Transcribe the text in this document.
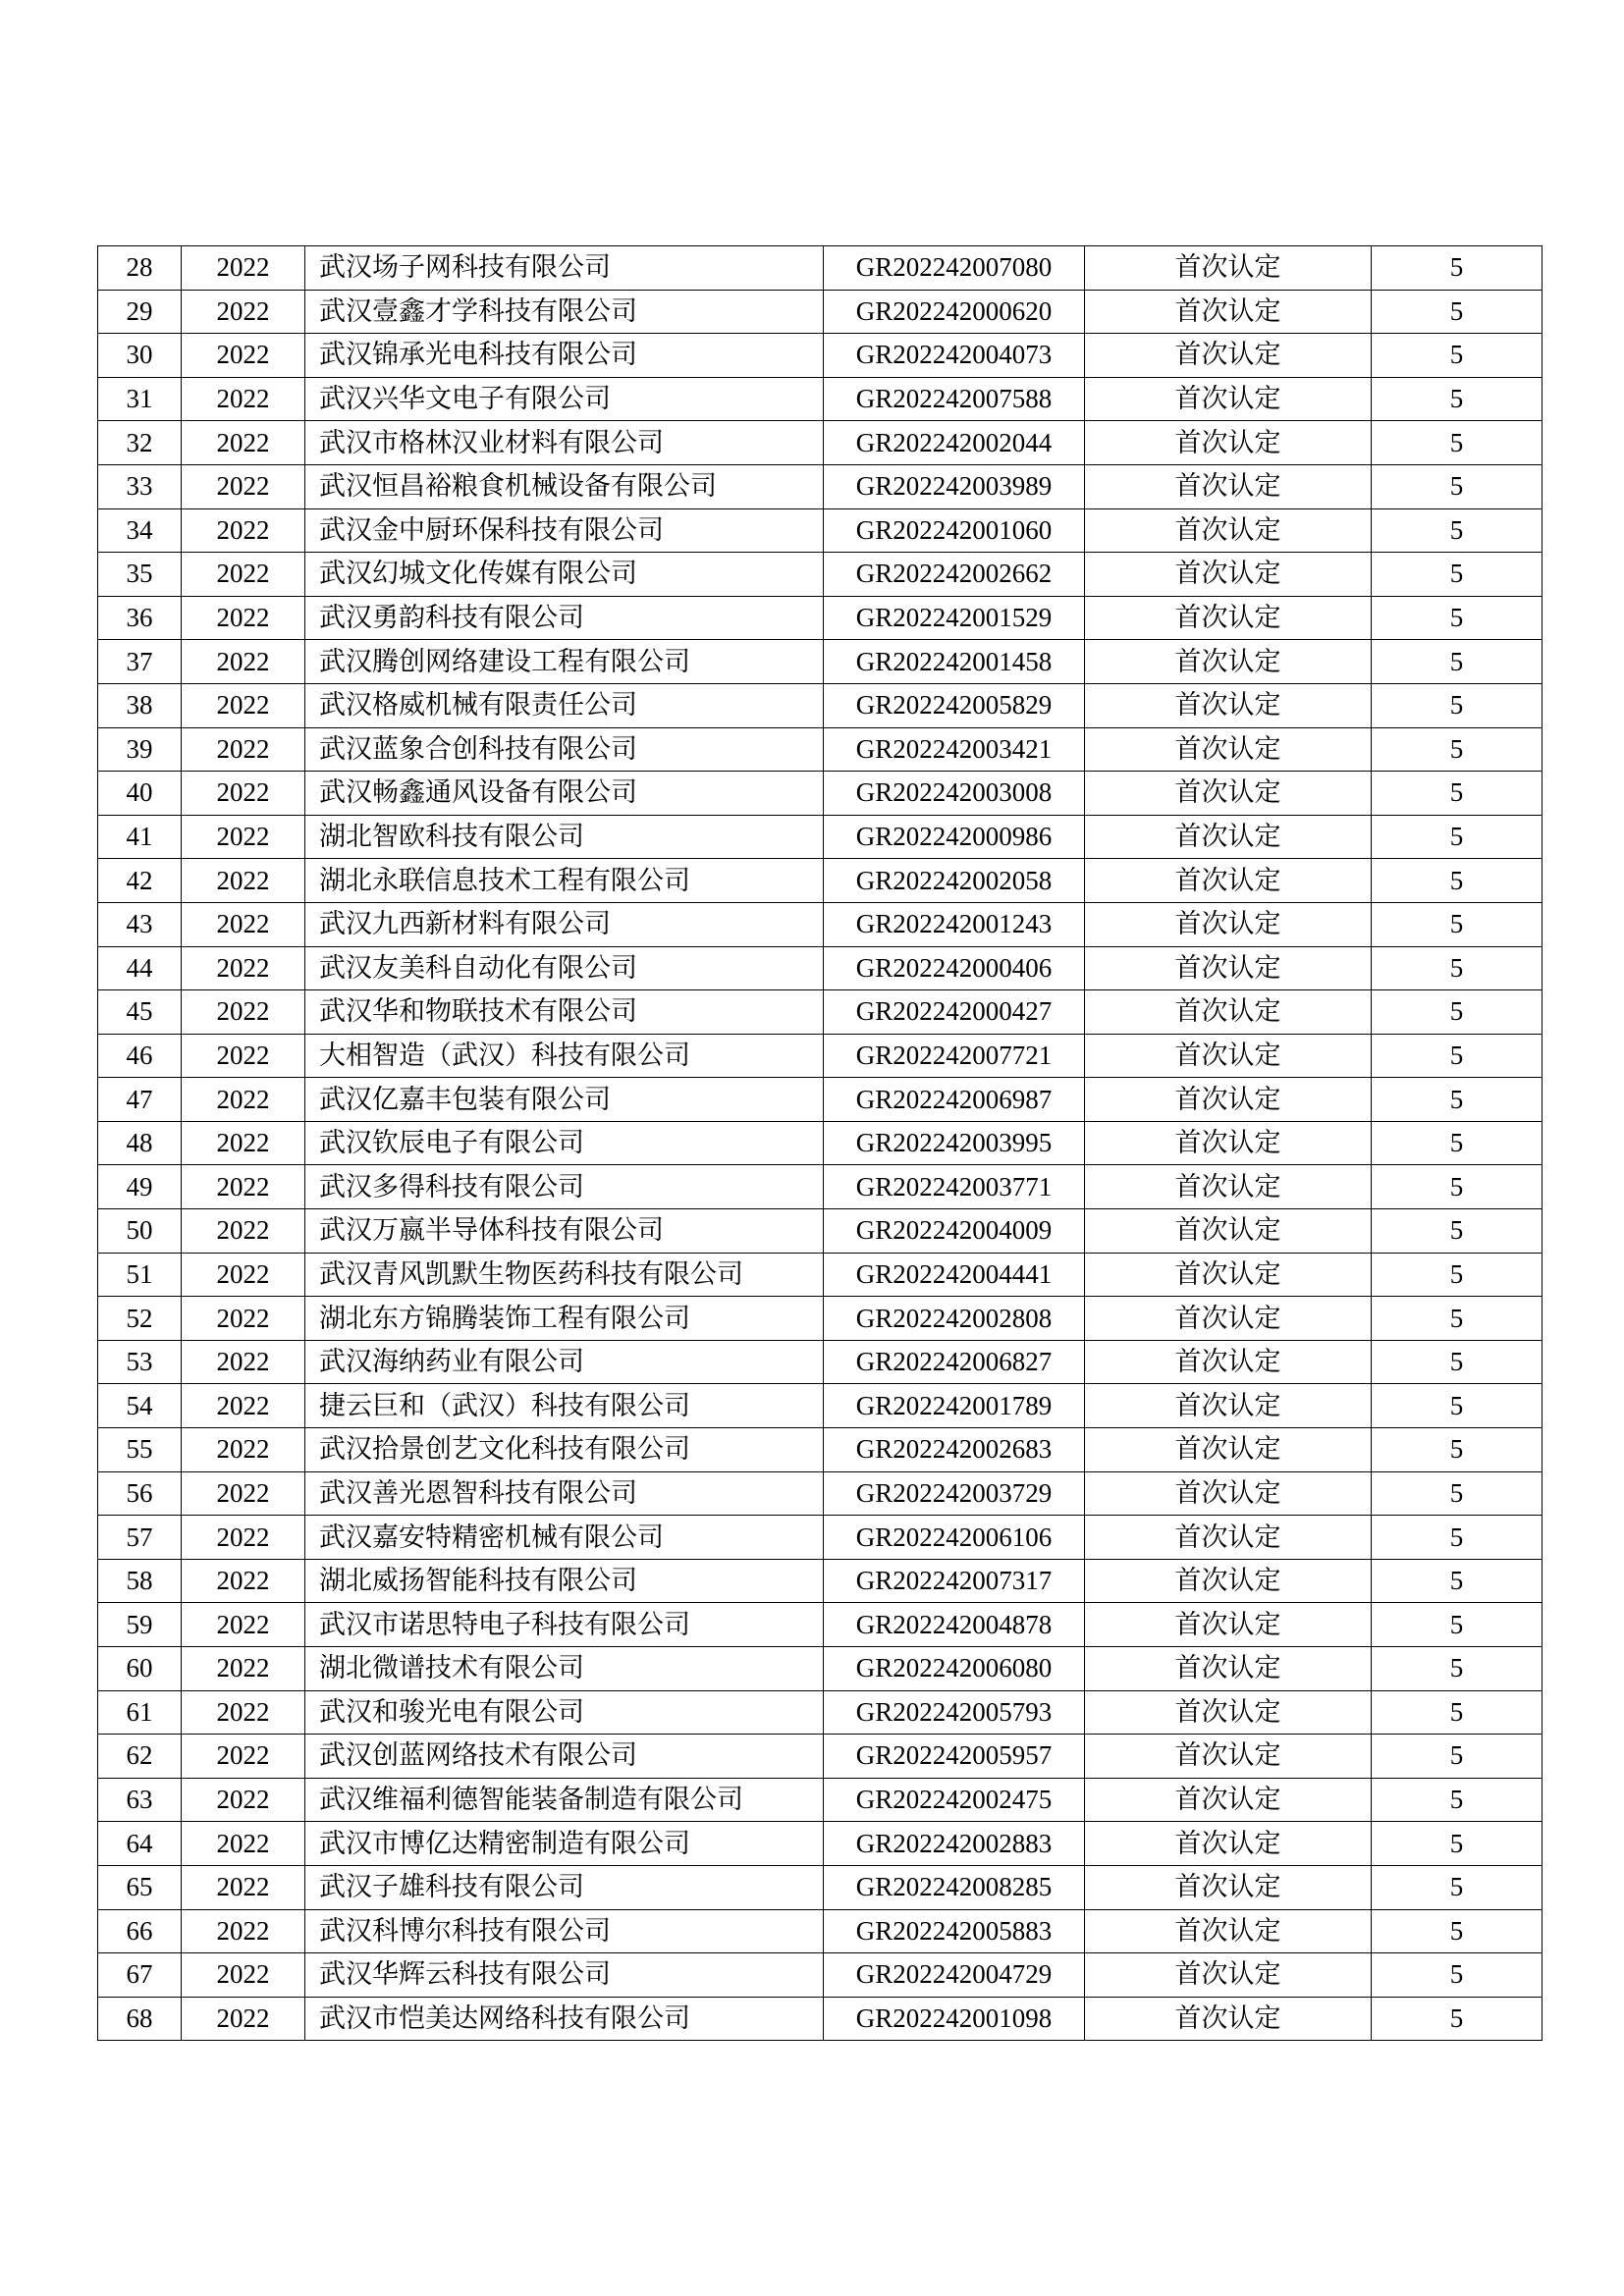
28	2022	武汉场子网科技有限公司	GR202242007080	首次认定	5
29	2022	武汉壹鑫才学科技有限公司	GR202242000620	首次认定	5
30	2022	武汉锦承光电科技有限公司	GR202242004073	首次认定	5
31	2022	武汉兴华文电子有限公司	GR202242007588	首次认定	5
32	2022	武汉市格林汉业材料有限公司	GR202242002044	首次认定	5
33	2022	武汉恒昌裕粮食机械设备有限公司	GR202242003989	首次认定	5
34	2022	武汉金中厨环保科技有限公司	GR202242001060	首次认定	5
35	2022	武汉幻城文化传媒有限公司	GR202242002662	首次认定	5
36	2022	武汉勇韵科技有限公司	GR202242001529	首次认定	5
37	2022	武汉腾创网络建设工程有限公司	GR202242001458	首次认定	5
38	2022	武汉格威机械有限责任公司	GR202242005829	首次认定	5
39	2022	武汉蓝象合创科技有限公司	GR202242003421	首次认定	5
40	2022	武汉畅鑫通风设备有限公司	GR202242003008	首次认定	5
41	2022	湖北智欧科技有限公司	GR202242000986	首次认定	5
42	2022	湖北永联信息技术工程有限公司	GR202242002058	首次认定	5
43	2022	武汉九西新材料有限公司	GR202242001243	首次认定	5
44	2022	武汉友美科自动化有限公司	GR202242000406	首次认定	5
45	2022	武汉华和物联技术有限公司	GR202242000427	首次认定	5
46	2022	大相智造（武汉）科技有限公司	GR202242007721	首次认定	5
47	2022	武汉亿嘉丰包装有限公司	GR202242006987	首次认定	5
48	2022	武汉钦辰电子有限公司	GR202242003995	首次认定	5
49	2022	武汉多得科技有限公司	GR202242003771	首次认定	5
50	2022	武汉万嬴半导体科技有限公司	GR202242004009	首次认定	5
51	2022	武汉青风凯默生物医药科技有限公司	GR202242004441	首次认定	5
52	2022	湖北东方锦腾装饰工程有限公司	GR202242002808	首次认定	5
53	2022	武汉海纳药业有限公司	GR202242006827	首次认定	5
54	2022	捷云巨和（武汉）科技有限公司	GR202242001789	首次认定	5
55	2022	武汉拾景创艺文化科技有限公司	GR202242002683	首次认定	5
56	2022	武汉善光恩智科技有限公司	GR202242003729	首次认定	5
57	2022	武汉嘉安特精密机械有限公司	GR202242006106	首次认定	5
58	2022	湖北威扬智能科技有限公司	GR202242007317	首次认定	5
59	2022	武汉市诺思特电子科技有限公司	GR202242004878	首次认定	5
60	2022	湖北微谱技术有限公司	GR202242006080	首次认定	5
61	2022	武汉和骏光电有限公司	GR202242005793	首次认定	5
62	2022	武汉创蓝网络技术有限公司	GR202242005957	首次认定	5
63	2022	武汉维福利德智能装备制造有限公司	GR202242002475	首次认定	5
64	2022	武汉市博亿达精密制造有限公司	GR202242002883	首次认定	5
65	2022	武汉子雄科技有限公司	GR202242008285	首次认定	5
66	2022	武汉科博尔科技有限公司	GR202242005883	首次认定	5
67	2022	武汉华辉云科技有限公司	GR202242004729	首次认定	5
68	2022	武汉市恺美达网络科技有限公司	GR202242001098	首次认定	5
